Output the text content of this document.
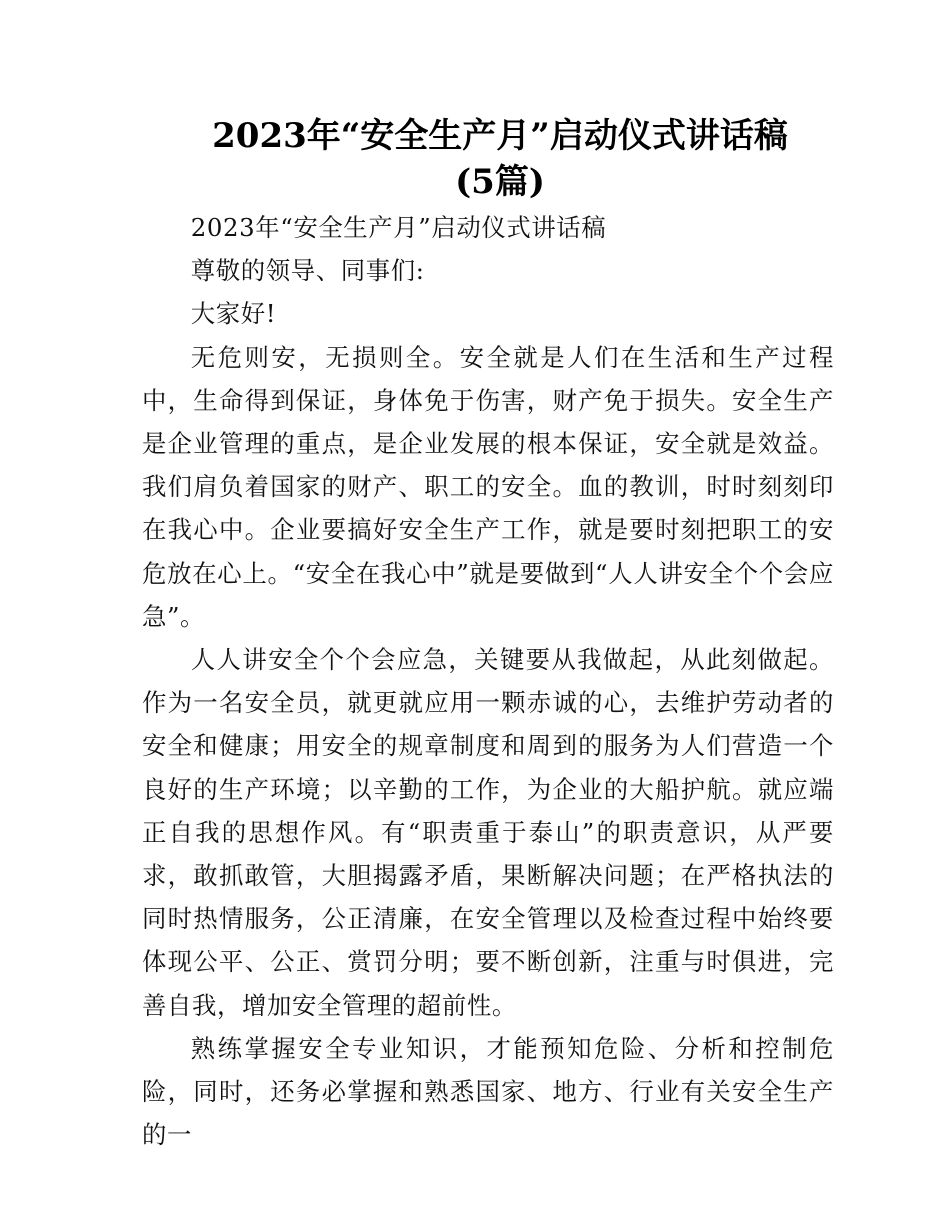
2023年“安全生产月”启动仪式讲话稿
(5篇)

2023年“安全生产月”启动仪式讲话稿

尊敬的领导、同事们:

大家好!

无危则安，无损则全。安全就是人们在生活和生产过程中，生命得到保证，身体免于伤害，财产免于损失。安全生产是企业管理的重点，是企业发展的根本保证，安全就是效益。我们肩负着国家的财产、职工的安全。血的教训，时时刻刻印在我心中。企业要搞好安全生产工作，就是要时刻把职工的安危放在心上。“安全在我心中”就是要做到“人人讲安全个个会应急”。

人人讲安全个个会应急，关键要从我做起，从此刻做起。作为一名安全员，就更就应用一颗赤诚的心，去维护劳动者的安全和健康；用安全的规章制度和周到的服务为人们营造一个良好的生产环境；以辛勤的工作，为企业的大船护航。就应端正自我的思想作风。有“职责重于泰山”的职责意识，从严要求，敢抓敢管，大胆揭露矛盾，果断解决问题；在严格执法的同时热情服务，公正清廉，在安全管理以及检查过程中始终要体现公平、公正、赏罚分明；要不断创新，注重与时俱进，完善自我，增加安全管理的超前性。

熟练掌握安全专业知识，才能预知危险、分析和控制危险，同时，还务必掌握和熟悉国家、地方、行业有关安全生产的一
